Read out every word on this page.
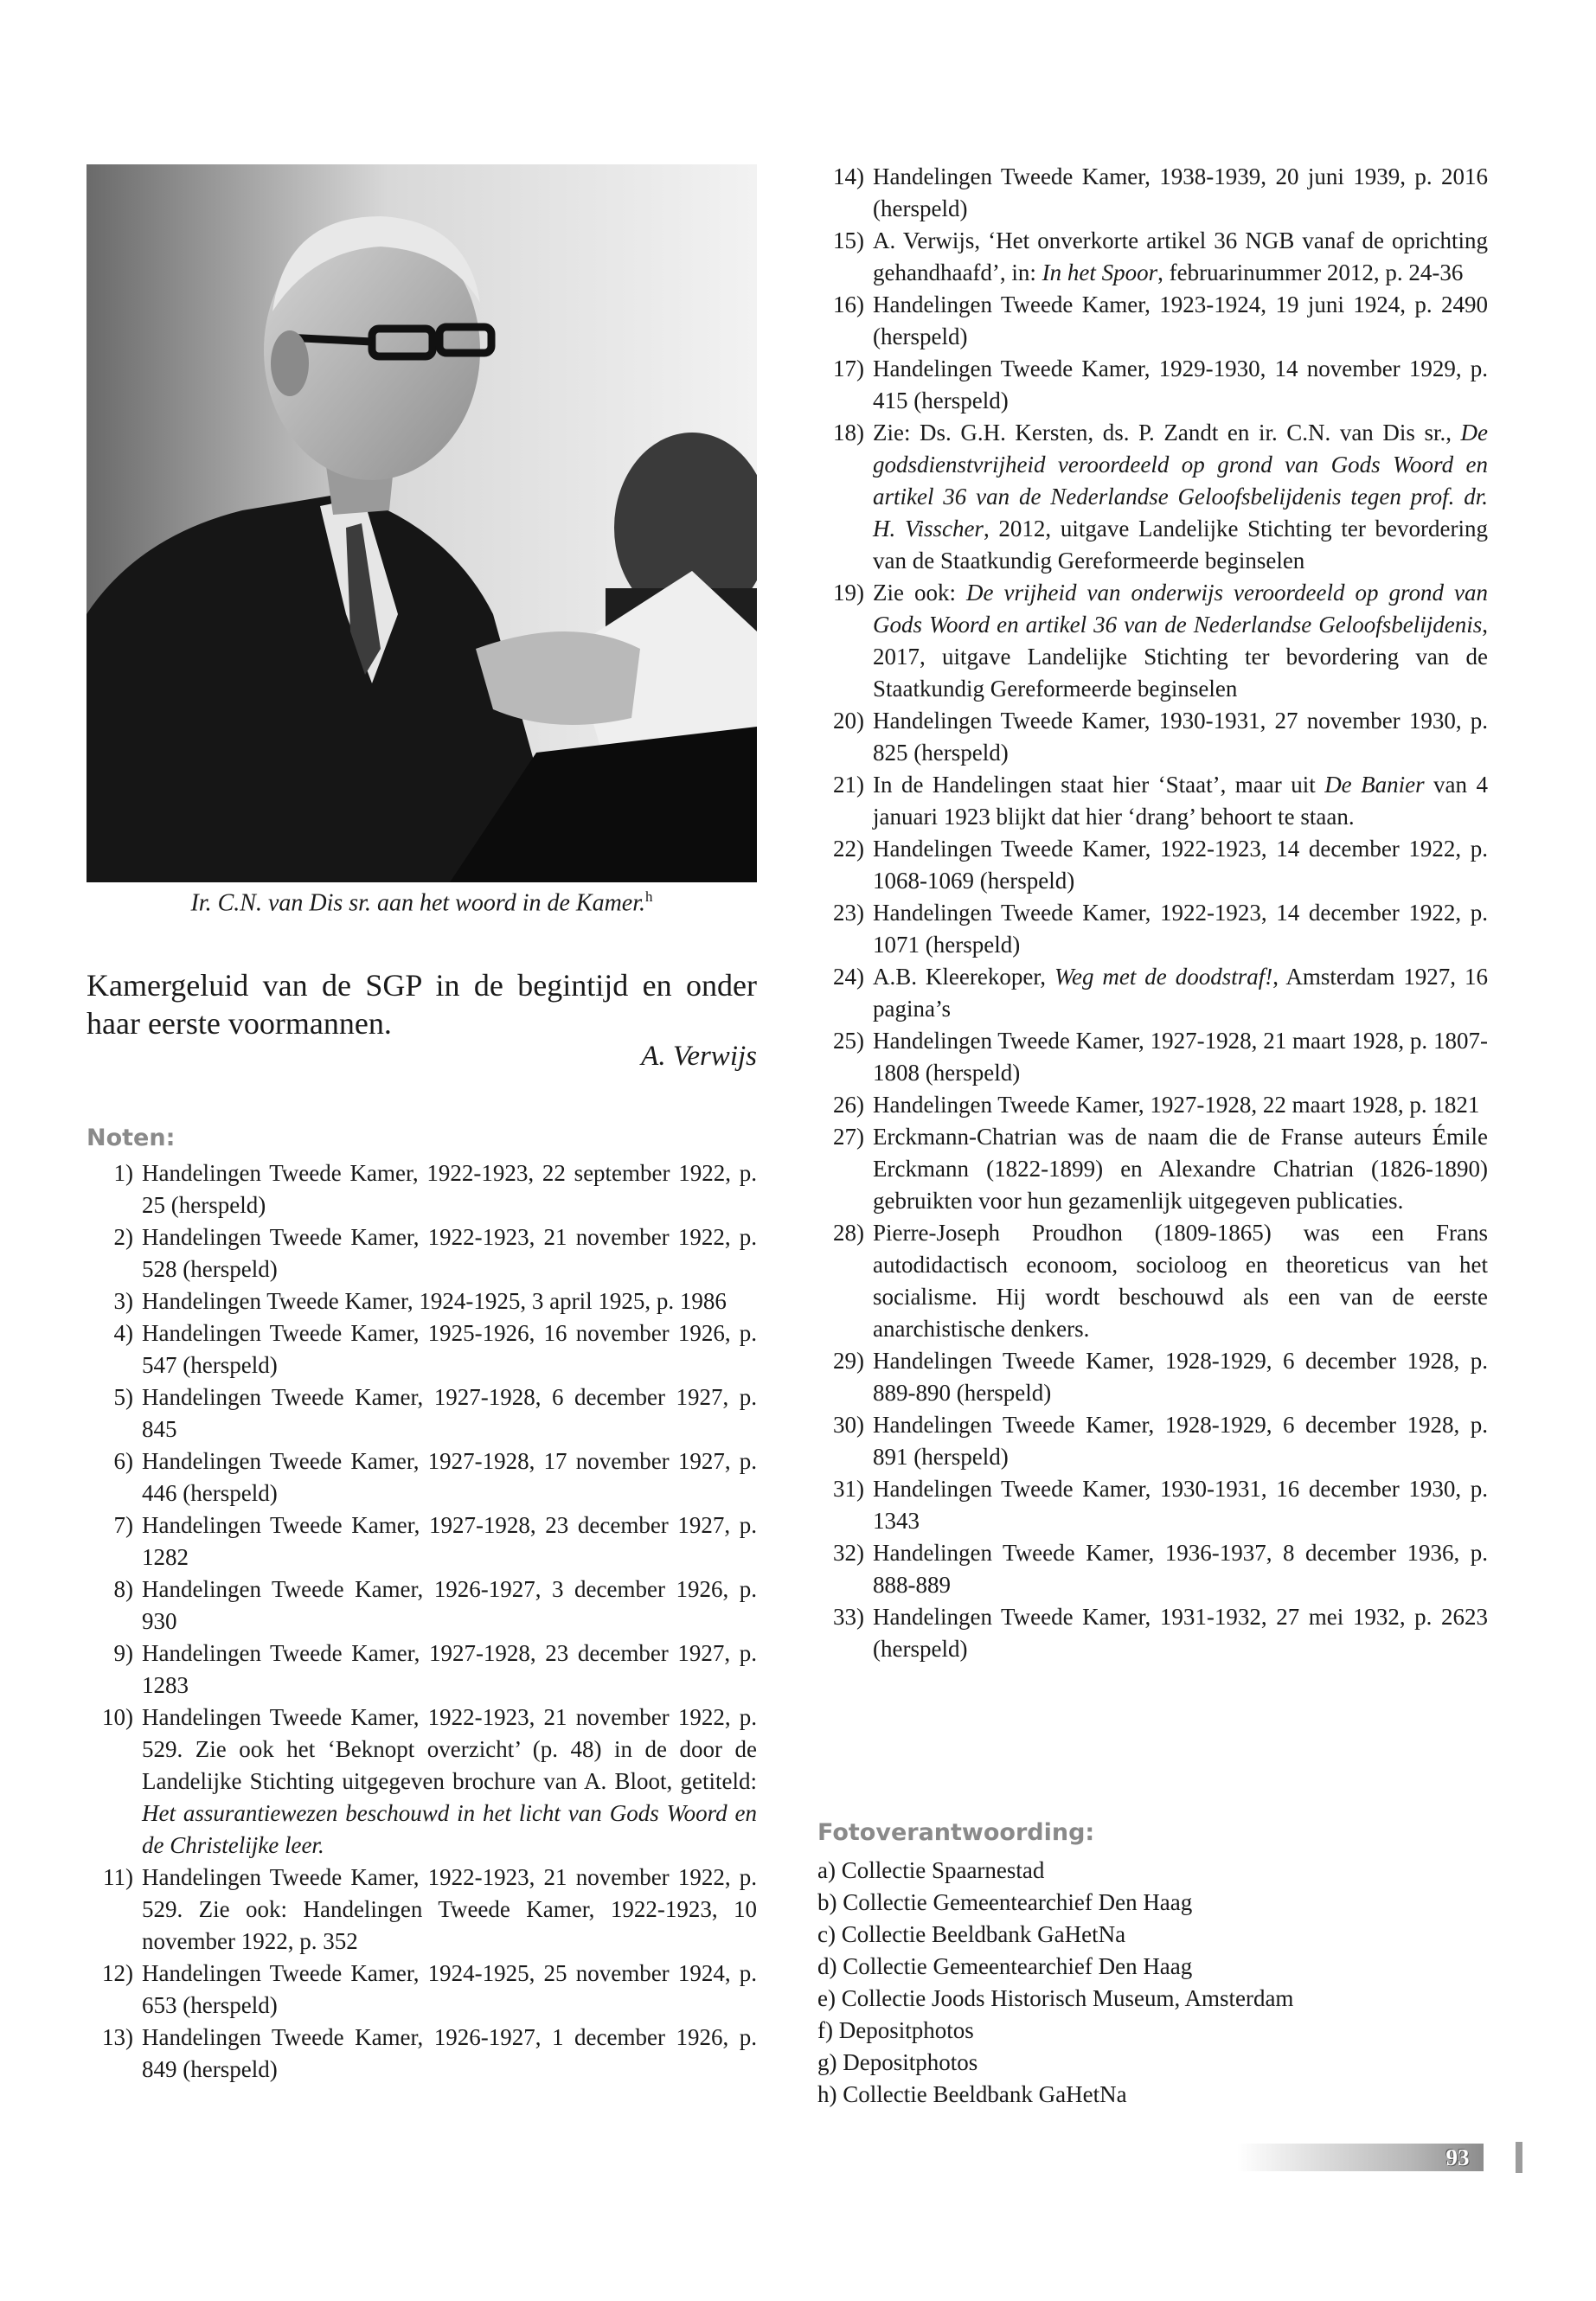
Ir. C.N. van Dis sr. aan het woord in de Kamer.$^h$
Kamergeluid van de SGP in de begintijd en onder
haar eerste voormannen.
A. Verwijs
Noten:
1) Handelingen Tweede Kamer, 1922-1923, 22 september 1922, p. 25 (herspeld)
2) Handelingen Tweede Kamer, 1922-1923, 21 november 1922, p. 528 (herspeld)
3) Handelingen Tweede Kamer, 1924-1925, 3 april 1925, p. 1986
4) Handelingen Tweede Kamer, 1925-1926, 16 november 1926, p. 547 (herspeld)
5) Handelingen Tweede Kamer, 1927-1928, 6 december 1927, p. 845
6) Handelingen Tweede Kamer, 1927-1928, 17 november 1927, p. 446 (herspeld)
7) Handelingen Tweede Kamer, 1927-1928, 23 december 1927, p. 1282
8) Handelingen Tweede Kamer, 1926-1927, 3 december 1926, p. 930
9) Handelingen Tweede Kamer, 1927-1928, 23 december 1927, p. 1283
10) Handelingen Tweede Kamer, 1922-1923, 21 november 1922, p. 529. Zie ook het ‘Beknopt overzicht’ (p. 48) in de door de Landelijke Stichting uitgegeven brochure van A. Bloot, getiteld: Het assurantiewezen beschouwd in het licht van Gods Woord en de Christelijke leer.
11) Handelingen Tweede Kamer, 1922-1923, 21 november 1922, p. 529. Zie ook: Handelingen Tweede Kamer, 1922-1923, 10 november 1922, p. 352
12) Handelingen Tweede Kamer, 1924-1925, 25 november 1924, p. 653 (herspeld)
13) Handelingen Tweede Kamer, 1926-1927, 1 december 1926, p. 849 (herspeld)
14) Handelingen Tweede Kamer, 1938-1939, 20 juni 1939, p. 2016 (herspeld)
15) A. Verwijs, ‘Het onverkorte artikel 36 NGB vanaf de oprichting gehandhaafd’, in: In het Spoor, februarinummer 2012, p. 24-36
16) Handelingen Tweede Kamer, 1923-1924, 19 juni 1924, p. 2490 (herspeld)
17) Handelingen Tweede Kamer, 1929-1930, 14 november 1929, p. 415 (herspeld)
18) Zie: Ds. G.H. Kersten, ds. P. Zandt en ir. C.N. van Dis sr., De godsdienstvrijheid veroordeeld op grond van Gods Woord en artikel 36 van de Nederlandse Geloofsbelijdenis tegen prof. dr. H. Visscher, 2012, uitgave Landelijke Stichting ter bevordering van de Staatkundig Gereformeerde beginselen
19) Zie ook: De vrijheid van onderwijs veroordeeld op grond van Gods Woord en artikel 36 van de Nederlandse Geloofsbelijdenis, 2017, uitgave Landelijke Stichting ter bevordering van de Staatkundig Gereformeerde beginselen
20) Handelingen Tweede Kamer, 1930-1931, 27 november 1930, p. 825 (herspeld)
21) In de Handelingen staat hier ‘Staat’, maar uit De Banier van 4 januari 1923 blijkt dat hier ‘drang’ behoort te staan.
22) Handelingen Tweede Kamer, 1922-1923, 14 december 1922, p. 1068-1069 (herspeld)
23) Handelingen Tweede Kamer, 1922-1923, 14 december 1922, p. 1071 (herspeld)
24) A.B. Kleerekoper, Weg met de doodstraf!, Amsterdam 1927, 16 pagina’s
25) Handelingen Tweede Kamer, 1927-1928, 21 maart 1928, p. 1807-1808 (herspeld)
26) Handelingen Tweede Kamer, 1927-1928, 22 maart 1928, p. 1821
27) Erckmann-Chatrian was de naam die de Franse auteurs Émile Erckmann (1822-1899) en Alexandre Chatrian (1826-1890) gebruikten voor hun gezamenlijk uitgegeven publicaties.
28) Pierre-Joseph Proudhon (1809-1865) was een Frans autodidactisch econoom, socioloog en theoreticus van het socialisme. Hij wordt beschouwd als een van de eerste anarchistische denkers.
29) Handelingen Tweede Kamer, 1928-1929, 6 december 1928, p. 889-890 (herspeld)
30) Handelingen Tweede Kamer, 1928-1929, 6 december 1928, p. 891 (herspeld)
31) Handelingen Tweede Kamer, 1930-1931, 16 december 1930, p. 1343
32) Handelingen Tweede Kamer, 1936-1937, 8 december 1936, p. 888-889
33) Handelingen Tweede Kamer, 1931-1932, 27 mei 1932, p. 2623 (herspeld)
Fotoverantwoording:
a) Collectie Spaarnestad
b) Collectie Gemeentearchief Den Haag
c) Collectie Beeldbank GaHetNa
d) Collectie Gemeentearchief Den Haag
e) Collectie Joods Historisch Museum, Amsterdam
f) Depositphotos
g) Depositphotos
h) Collectie Beeldbank GaHetNa
93
